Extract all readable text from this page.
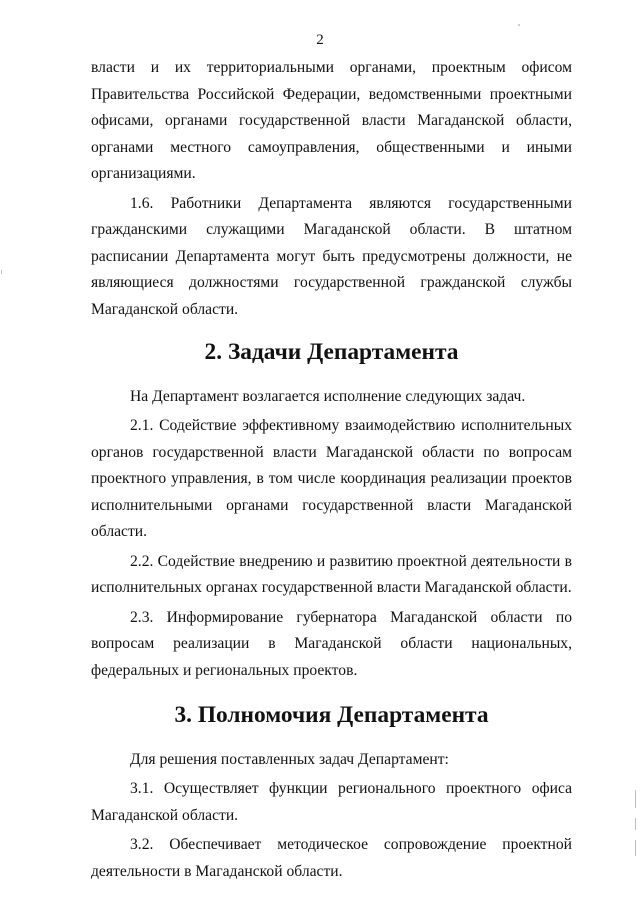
2

власти и их территориальными органами, проектным офисом Правительства Российской Федерации, ведомственными проектными офисами, органами государственной власти Магаданской области, органами местного самоуправления, общественными и иными организациями.

1.6. Работники Департамента являются государственными гражданскими служащими Магаданской области. В штатном расписании Департамента могут быть предусмотрены должности, не являющиеся должностями государственной гражданской службы Магаданской области.

2. Задачи Департамента

На Департамент возлагается исполнение следующих задач.

2.1. Содействие эффективному взаимодействию исполнительных органов государственной власти Магаданской области по вопросам проектного управления, в том числе координация реализации проектов исполнительными органами государственной власти Магаданской области.

2.2. Содействие внедрению и развитию проектной деятельности в исполнительных органах государственной власти Магаданской области.

2.3. Информирование губернатора Магаданской области по вопросам реализации в Магаданской области национальных, федеральных и региональных проектов.

3. Полномочия Департамента

Для решения поставленных задач Департамент:

3.1. Осуществляет функции регионального проектного офиса Магаданской области.

3.2. Обеспечивает методическое сопровождение проектной деятельности в Магаданской области.
